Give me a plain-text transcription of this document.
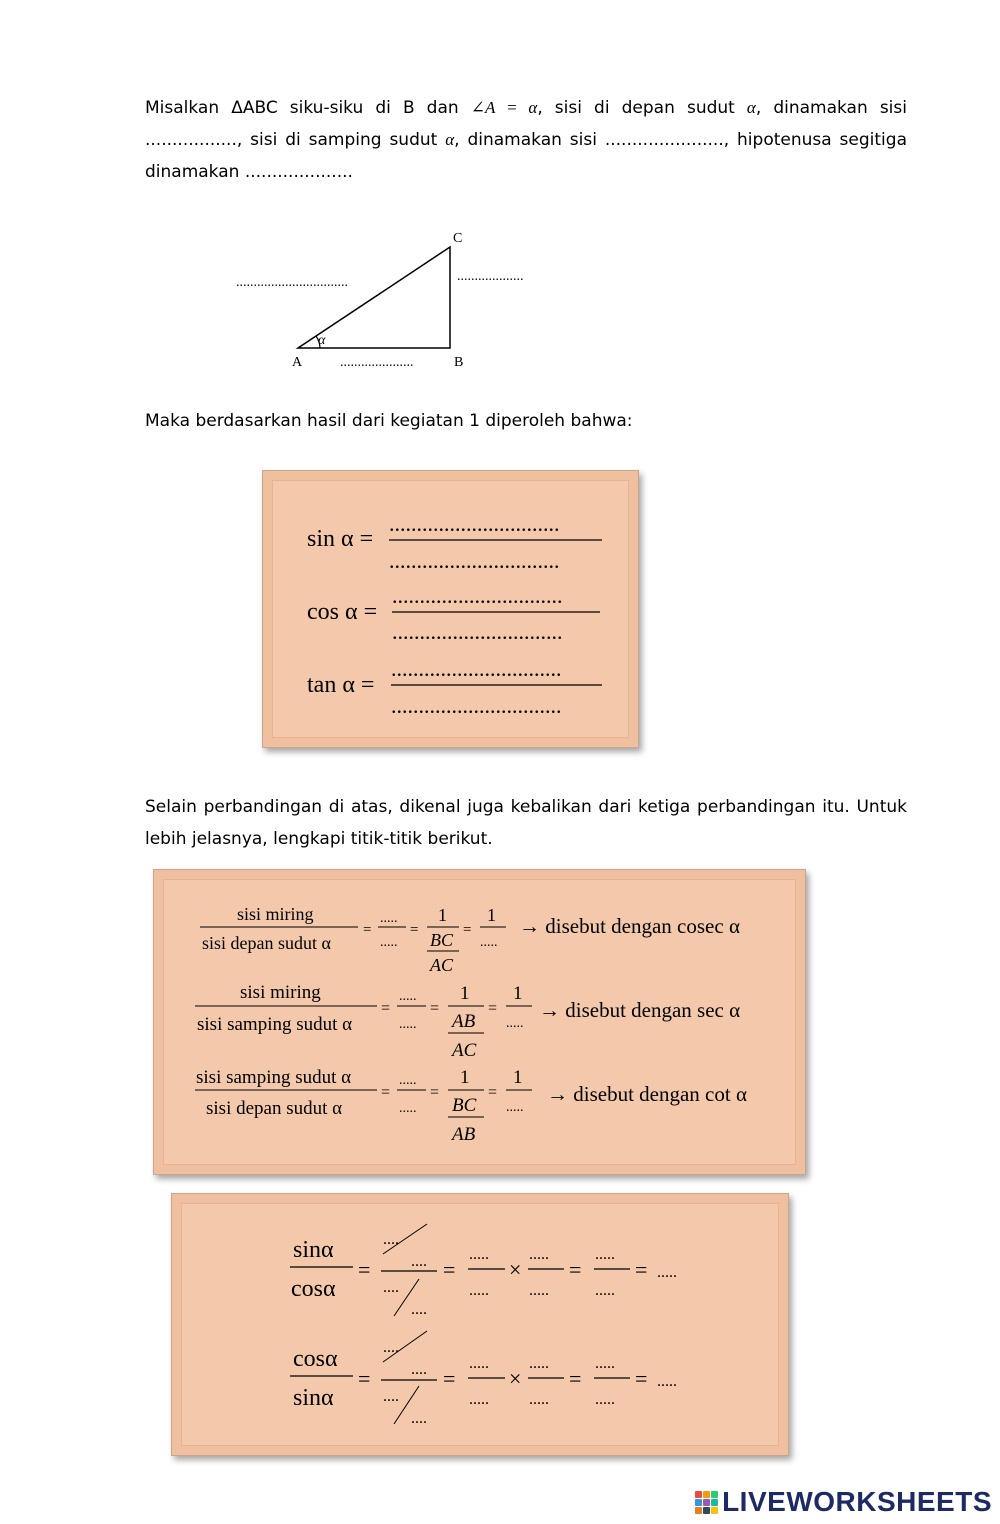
Misalkan ΔABC siku-siku di B dan ∠A = α, sisi di depan sudut α, dinamakan sisi ................., sisi di samping sudut α, dinamakan sisi ......................, hipotenusa segitiga dinamakan ....................
α
A	B
C
................................	...................
.....................
Maka berdasarkan hasil dari kegiatan 1 diperoleh bahwa:
sin α =
...............................
...............................
cos α =
...............................
...............................
tan α =
...............................
...............................
Selain perbandingan di atas, dikenal juga kebalikan dari ketiga perbandingan itu. Untuk lebih jelasnya, lengkapi titik-titik berikut.
sisi miring
sisi depan sudut α
=
.....
.....
=
1
BC
AC
=
1
.....
→ disebut dengan cosec α
sisi miring
sisi samping sudut α
=
.....
.....
=
1
AB
AC
=
1
.....
→ disebut dengan sec α
sisi samping sudut α
sisi depan sudut α
=
.....
.....
=
1
BC
AB
=
1
.....
→ disebut dengan cot α
sinα
cosα
=
....
....
....
....
=
.....
.....
×
.....
.....
=
.....
.....
= .....
cosα
sinα
=
....
....
....
....
=
.....
.....
×
.....
.....
=
.....
.....
= .....
LIVEWORKSHEETS
